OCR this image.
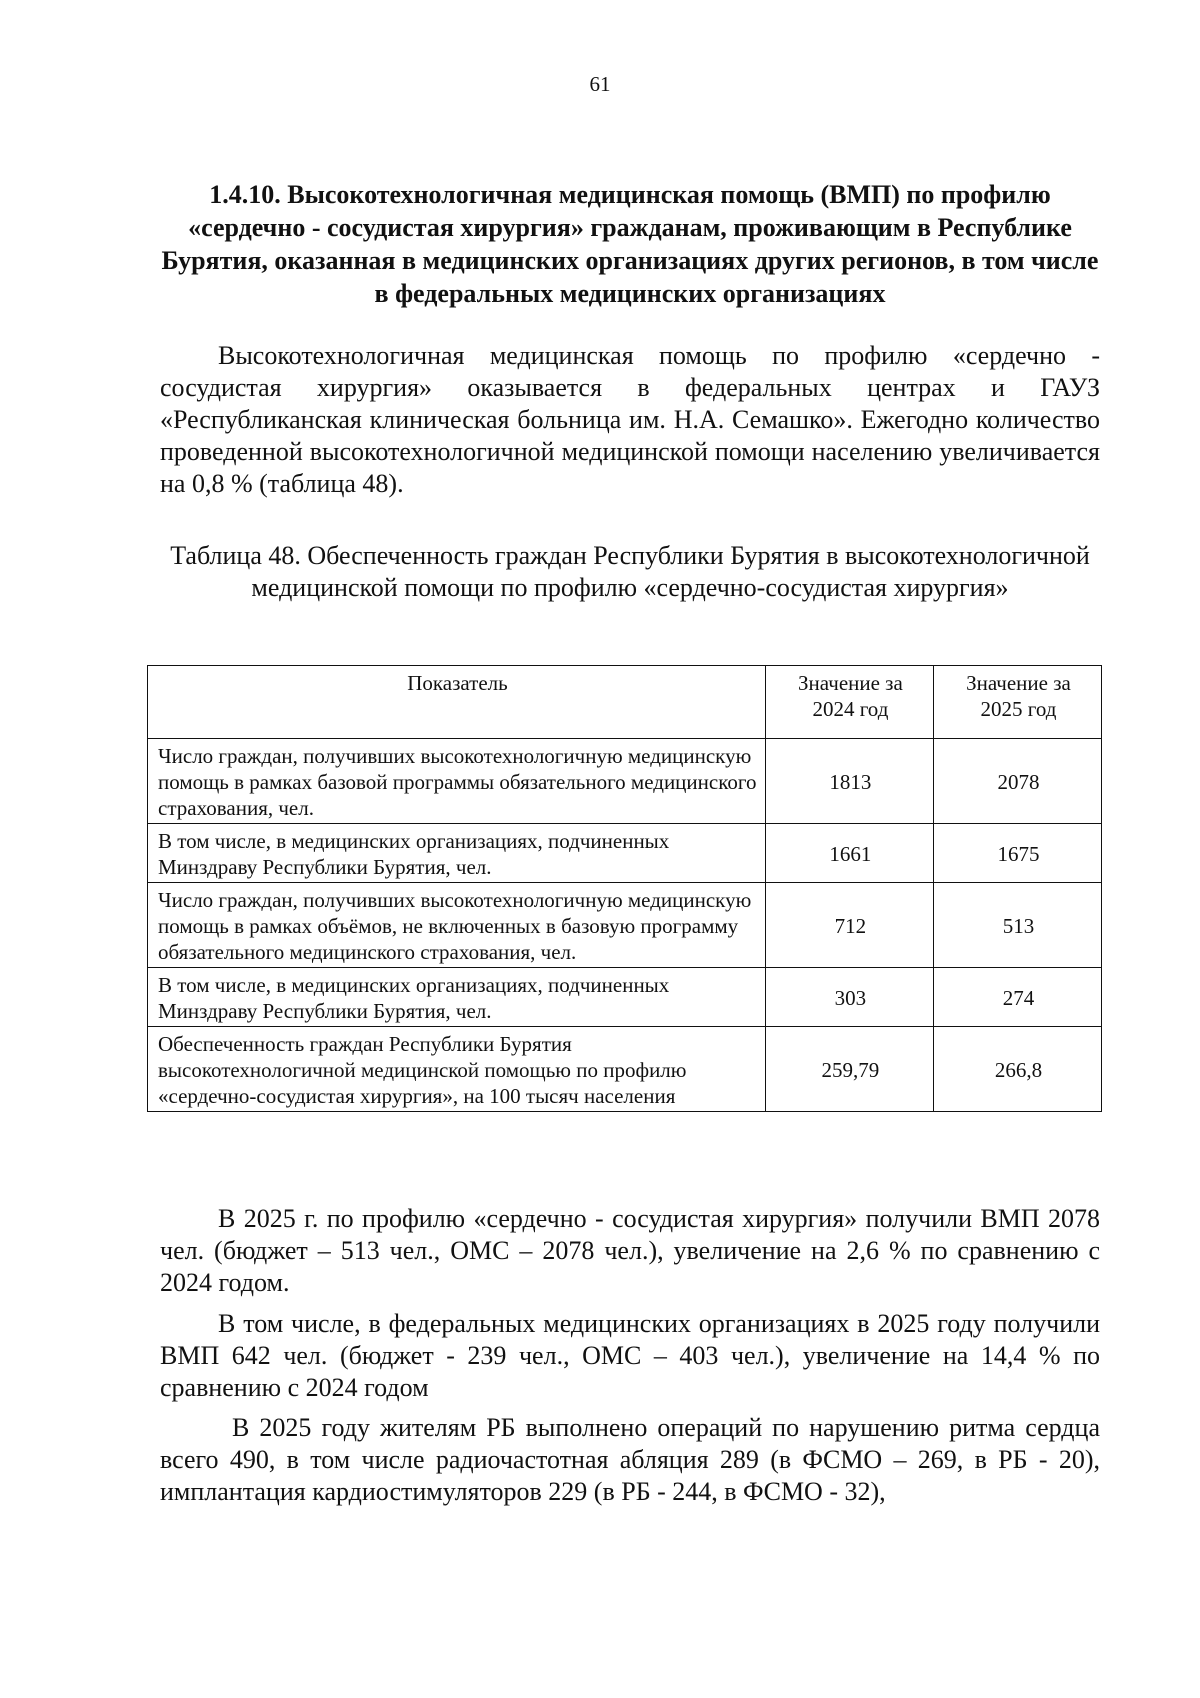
61
1.4.10. Высокотехнологичная медицинская помощь (ВМП) по профилю «сердечно - сосудистая хирургия» гражданам, проживающим в Республике Бурятия, оказанная в медицинских организациях других регионов, в том числе в федеральных медицинских организациях

Высокотехнологичная медицинская помощь по профилю «сердечно - сосудистая хирургия» оказывается в федеральных центрах и ГАУЗ «Республиканская клиническая больница им. Н.А. Семашко». Ежегодно количество проведенной высокотехнологичной медицинской помощи населению увеличивается на 0,8 % (таблица 48).

Таблица 48. Обеспеченность граждан Республики Бурятия в высокотехнологичной медицинской помощи по профилю «сердечно-сосудистая хирургия»
Показатель	Значение за 2024 год	Значение за 2025 год
Число граждан, получивших высокотехнологичную медицинскую помощь в рамках базовой программы обязательного медицинского страхования, чел.	1813	2078
В том числе, в медицинских организациях, подчиненных Минздраву Республики Бурятия, чел.	1661	1675
Число граждан, получивших высокотехнологичную медицинскую помощь в рамках объёмов, не включенных в базовую программу обязательного медицинского страхования, чел.	712	513
В том числе, в медицинских организациях, подчиненных Минздраву Республики Бурятия, чел.	303	274
Обеспеченность граждан Республики Бурятия высокотехнологичной медицинской помощью по профилю «сердечно-сосудистая хирургия», на 100 тысяч населения	259,79	266,8

В 2025 г. по профилю «сердечно - сосудистая хирургия» получили ВМП 2078 чел. (бюджет – 513 чел., ОМС – 2078 чел.), увеличение на 2,6 % по сравнению с 2024 годом.

В том числе, в федеральных медицинских организациях в 2025 году получили ВМП 642 чел. (бюджет - 239 чел., ОМС – 403 чел.), увеличение на 14,4 % по сравнению с 2024 годом

В 2025 году жителям РБ выполнено операций по нарушению ритма сердца всего 490, в том числе радиочастотная абляция 289 (в ФСМО – 269, в РБ - 20), имплантация кардиостимуляторов 229 (в РБ - 244, в ФСМО - 32),
